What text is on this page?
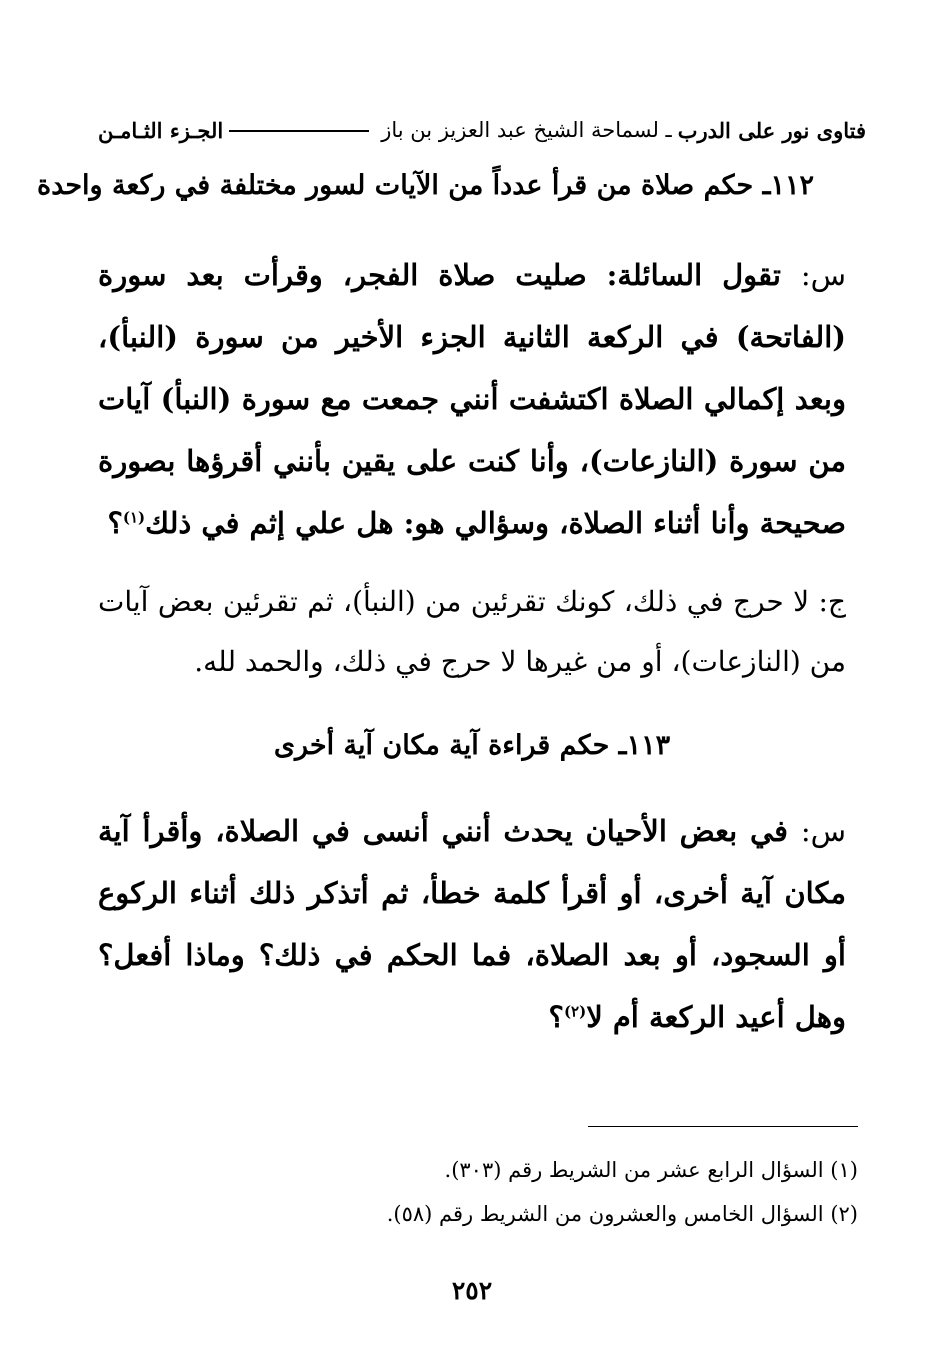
فتاوى نور على الدرب
ـ لسماحة الشيخ عبد العزيز بن باز
الجـزء الثـامـن
١١٢ـ حكم صلاة من قرأ عدداً من الآيات لسور مختلفة في ركعة واحدة
س: تقول السائلة: صليت صلاة الفجر، وقرأت بعد سورة (الفاتحة) في الركعة الثانية الجزء الأخير من سورة (النبأ)، وبعد إكمالي الصلاة اكتشفت أنني جمعت مع سورة (النبأ) آيات من سورة (النازعات)، وأنا كنت على يقين بأنني أقرؤها بصورة صحيحة وأنا أثناء الصلاة، وسؤالي هو: هل علي إثم في ذلك$^{(١)}$؟
ج: لا حرج في ذلك، كونك تقرئين من (النبأ)، ثم تقرئين بعض آيات من (النازعات)، أو من غيرها لا حرج في ذلك، والحمد لله.
١١٣ـ حكم قراءة آية مكان آية أخرى
س: في بعض الأحيان يحدث أنني أنسى في الصلاة، وأقرأ آية مكان آية أخرى، أو أقرأ كلمة خطأ، ثم أتذكر ذلك أثناء الركوع أو السجود، أو بعد الصلاة، فما الحكم في ذلك؟ وماذا أفعل؟ وهل أعيد الركعة أم لا$^{(٢)}$؟
(١) السؤال الرابع عشر من الشريط رقم (٣٠٣).
(٢) السؤال الخامس والعشرون من الشريط رقم (٥٨).
٢٥٢
